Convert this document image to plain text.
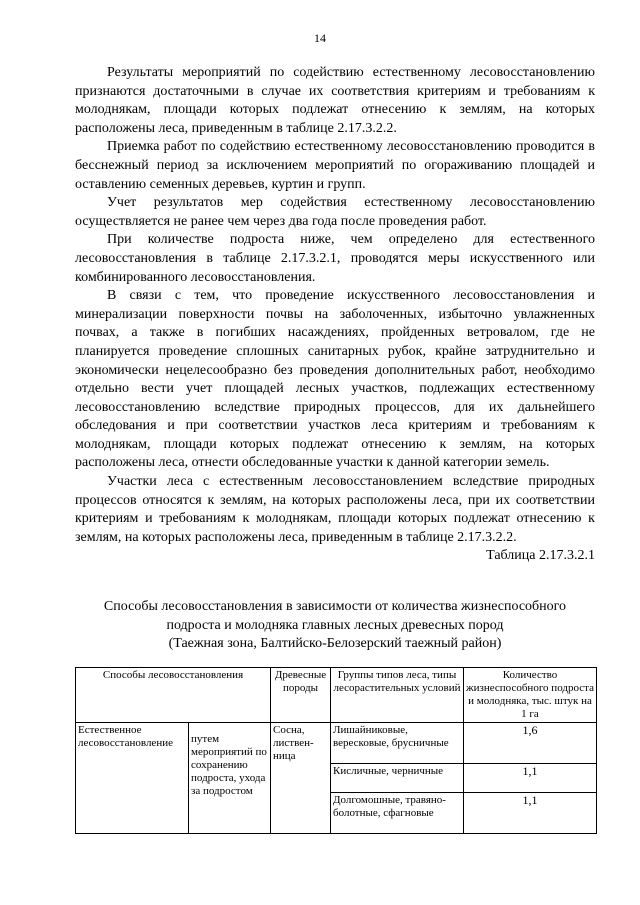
14

Результаты мероприятий по содействию естественному лесовосстановлению признаются достаточными в случае их соответствия критериям и требованиям к молоднякам, площади которых подлежат отнесению к землям, на которых расположены леса, приведенным в таблице 2.17.3.2.2.

Приемка работ по содействию естественному лесовосстановлению проводится в бесснежный период за исключением мероприятий по огораживанию площадей и оставлению семенных деревьев, куртин и групп.

Учет результатов мер содействия естественному лесовосстановлению осуществляется не ранее чем через два года после проведения работ.

При количестве подроста ниже, чем определено для естественного лесовосстановления в таблице 2.17.3.2.1, проводятся меры искусственного или комбинированного лесовосстановления.

В связи с тем, что проведение искусственного лесовосстановления и минерализации поверхности почвы на заболоченных, избыточно увлажненных почвах, а также в погибших насаждениях, пройденных ветровалом, где не планируется проведение сплошных санитарных рубок, крайне затруднительно и экономически нецелесообразно без проведения дополнительных работ, необходимо отдельно вести учет площадей лесных участков, подлежащих естественному лесовосстановлению вследствие природных процессов, для их дальнейшего обследования и при соответствии участков леса критериям и требованиям к молоднякам, площади которых подлежат отнесению к землям, на которых расположены леса, отнести обследованные участки к данной категории земель.

Участки леса с естественным лесовосстановлением вследствие природных процессов относятся к землям, на которых расположены леса, при их соответствии критериям и требованиям к молоднякам, площади которых подлежат отнесению к землям, на которых расположены леса, приведенным в таблице 2.17.3.2.2.

Таблица 2.17.3.2.1

Способы лесовосстановления в зависимости от количества жизнеспособного
подроста и молодняка главных лесных древесных пород
(Таежная зона, Балтийско-Белозерский таежный район)
Способы лесовосстановления		Древесные породы	Группы типов леса, типы лесорастительных условий	Количество жизнеспособного подроста и молодняка, тыс. штук на 1 га
Естественное лесовосстановление	путем мероприятий по сохранению подроста, ухода за подростом	Сосна, листвен-ница	Лишайниковые, вересковые, брусничные	1,6
			Кисличные, черничные	1,1
			Долгомошные, травяно-болотные, сфагновые	1,1
